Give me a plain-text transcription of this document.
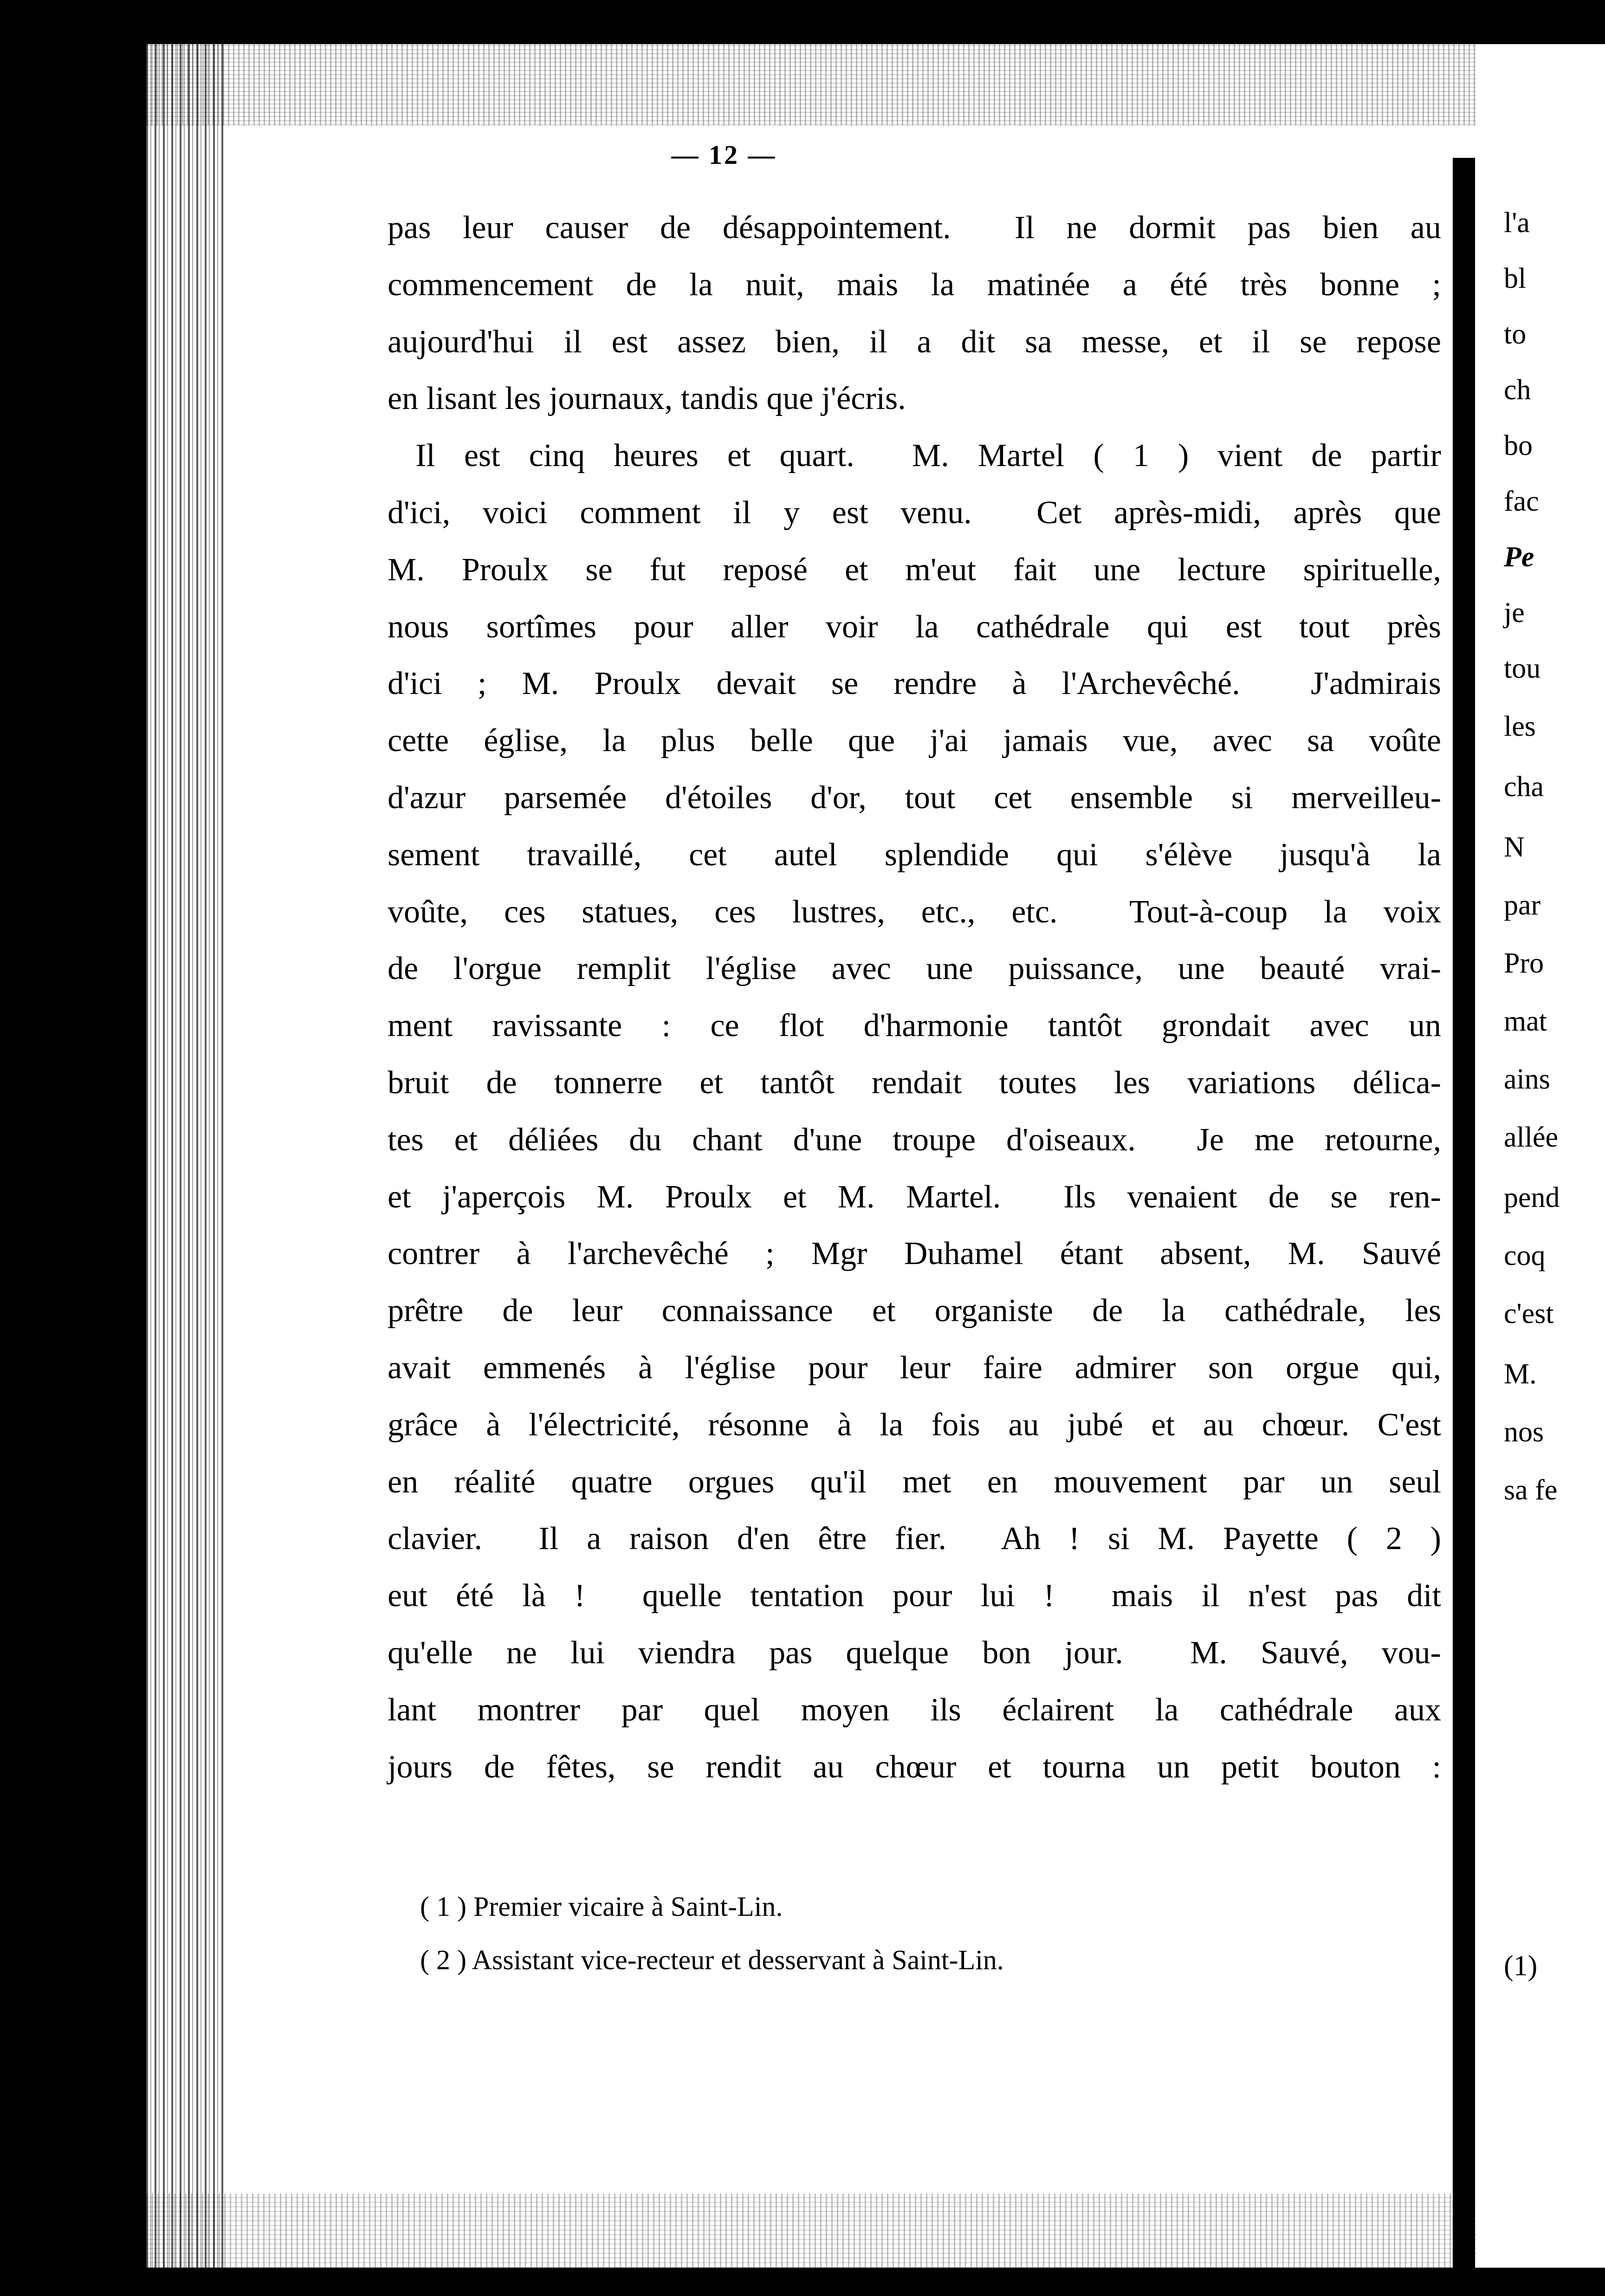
— 12 —
pas leur causer de désappointement.  Il ne dormit pas bien au
commencement de la nuit, mais la matinée a été très bonne ;
aujourd'hui il est assez bien, il a dit sa messe, et il se repose
en lisant les journaux, tandis que j'écris.
Il est cinq heures et quart.  M. Martel ( 1 ) vient de partir
d'ici, voici comment il y est venu.  Cet après-midi, après que
M. Proulx se fut reposé et m'eut fait une lecture spirituelle,
nous sortîmes pour aller voir la cathédrale qui est tout près
d'ici ; M. Proulx devait se rendre à l'Archevêché.  J'admirais
cette église, la plus belle que j'ai jamais vue, avec sa voûte
d'azur parsemée d'étoiles d'or, tout cet ensemble si merveilleu-
sement travaillé, cet autel splendide qui s'élève jusqu'à la
voûte, ces statues, ces lustres, etc., etc.  Tout-à-coup la voix
de l'orgue remplit l'église avec une puissance, une beauté vrai-
ment ravissante : ce flot d'harmonie tantôt grondait avec un
bruit de tonnerre et tantôt rendait toutes les variations délica-
tes et déliées du chant d'une troupe d'oiseaux.  Je me retourne,
et j'aperçois M. Proulx et M. Martel.  Ils venaient de se ren-
contrer à l'archevêché ; Mgr Duhamel étant absent, M. Sauvé
prêtre de leur connaissance et organiste de la cathédrale, les
avait emmenés à l'église pour leur faire admirer son orgue qui,
grâce à l'électricité, résonne à la fois au jubé et au chœur. C'est
en réalité quatre orgues qu'il met en mouvement par un seul
clavier.  Il a raison d'en être fier.  Ah ! si M. Payette ( 2 )
eut été là !  quelle tentation pour lui !  mais il n'est pas dit
qu'elle ne lui viendra pas quelque bon jour.  M. Sauvé, vou-
lant montrer par quel moyen ils éclairent la cathédrale aux
jours de fêtes, se rendit au chœur et tourna un petit bouton :
( 1 ) Premier vicaire à Saint-Lin.
( 2 ) Assistant vice-recteur et desservant à Saint-Lin.
l'a
bl
to
ch
bo
fac
Pe
je
tou
les
cha
N
par
Pro
mat
ains
allée
pend
coq
c'est
M.
nos
sa fe
(1)
